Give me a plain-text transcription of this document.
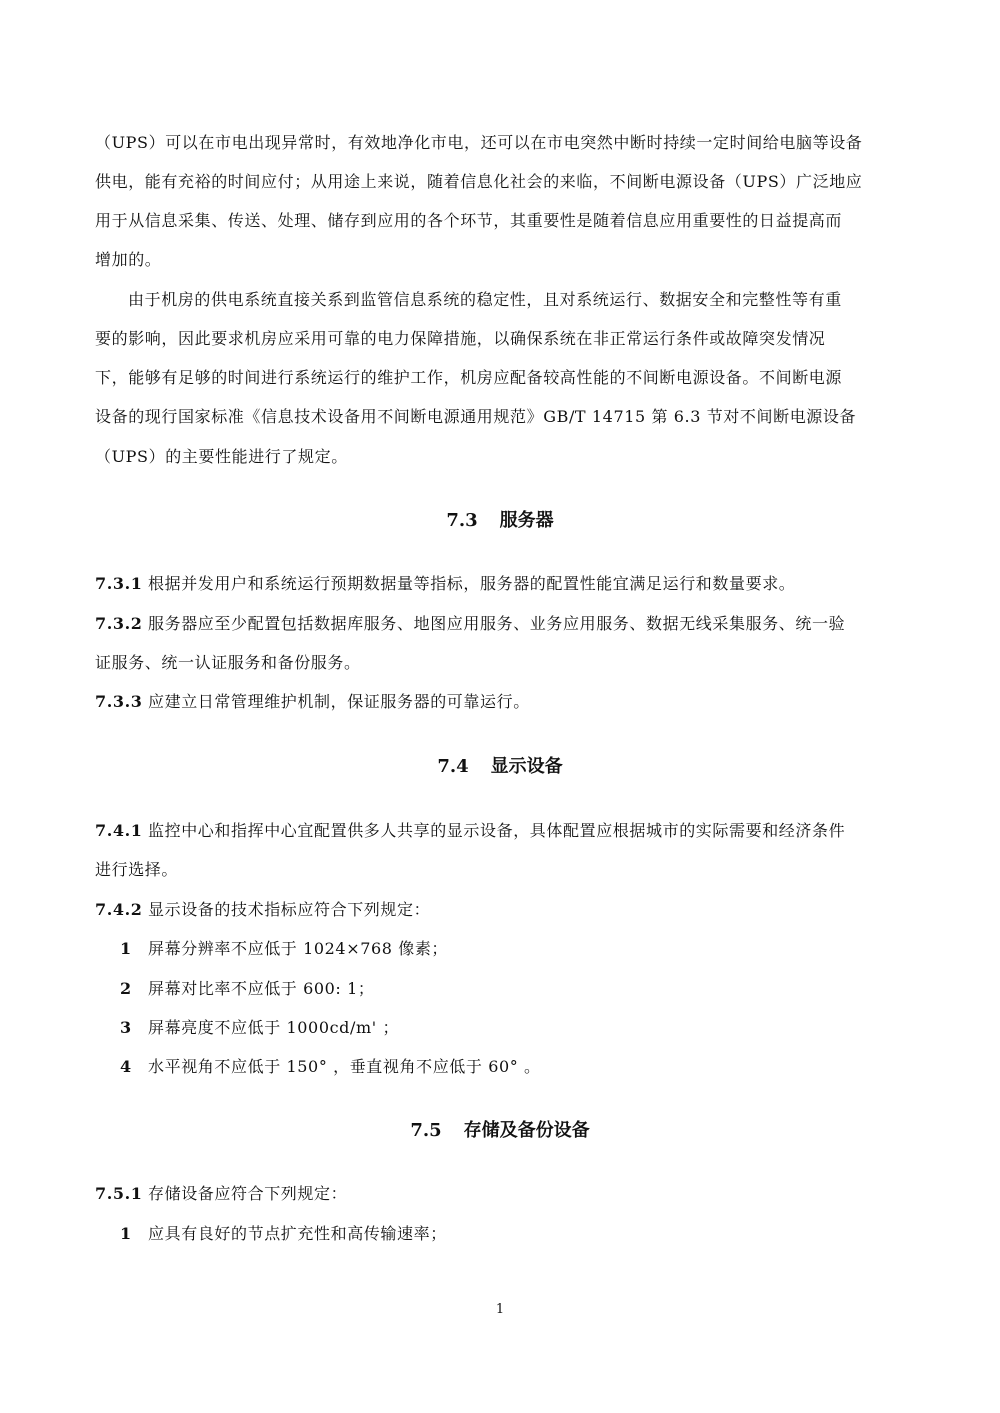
（UPS）可以在市电出现异常时，有效地净化市电，还可以在市电突然中断时持续一定时间给电脑等设备
供电，能有充裕的时间应付；从用途上来说，随着信息化社会的来临，不间断电源设备（UPS）广泛地应
用于从信息采集、传送、处理、储存到应用的各个环节，其重要性是随着信息应用重要性的日益提高而
增加的。
由于机房的供电系统直接关系到监管信息系统的稳定性，且对系统运行、数据安全和完整性等有重
要的影响，因此要求机房应采用可靠的电力保障措施，以确保系统在非正常运行条件或故障突发情况
下，能够有足够的时间进行系统运行的维护工作，机房应配备较高性能的不间断电源设备。不间断电源
设备的现行国家标准《信息技术设备用不间断电源通用规范》GB/T 14715 第 6.3 节对不间断电源设备
（UPS）的主要性能进行了规定。
7.3 服务器
7.3.1 根据并发用户和系统运行预期数据量等指标，服务器的配置性能宜满足运行和数量要求。
7.3.2 服务器应至少配置包括数据库服务、地图应用服务、业务应用服务、数据无线采集服务、统一验
证服务、统一认证服务和备份服务。
7.3.3 应建立日常管理维护机制，保证服务器的可靠运行。
7.4 显示设备
7.4.1 监控中心和指挥中心宜配置供多人共享的显示设备，具体配置应根据城市的实际需要和经济条件
进行选择。
7.4.2 显示设备的技术指标应符合下列规定：
1 屏幕分辨率不应低于 1024×768 像素；
2 屏幕对比率不应低于 600: 1；
3 屏幕亮度不应低于 1000cd/m' ；
4 水平视角不应低于 150° ，垂直视角不应低于 60° 。
7.5 存储及备份设备
7.5.1 存储设备应符合下列规定：
1 应具有良好的节点扩充性和高传输速率；
1
